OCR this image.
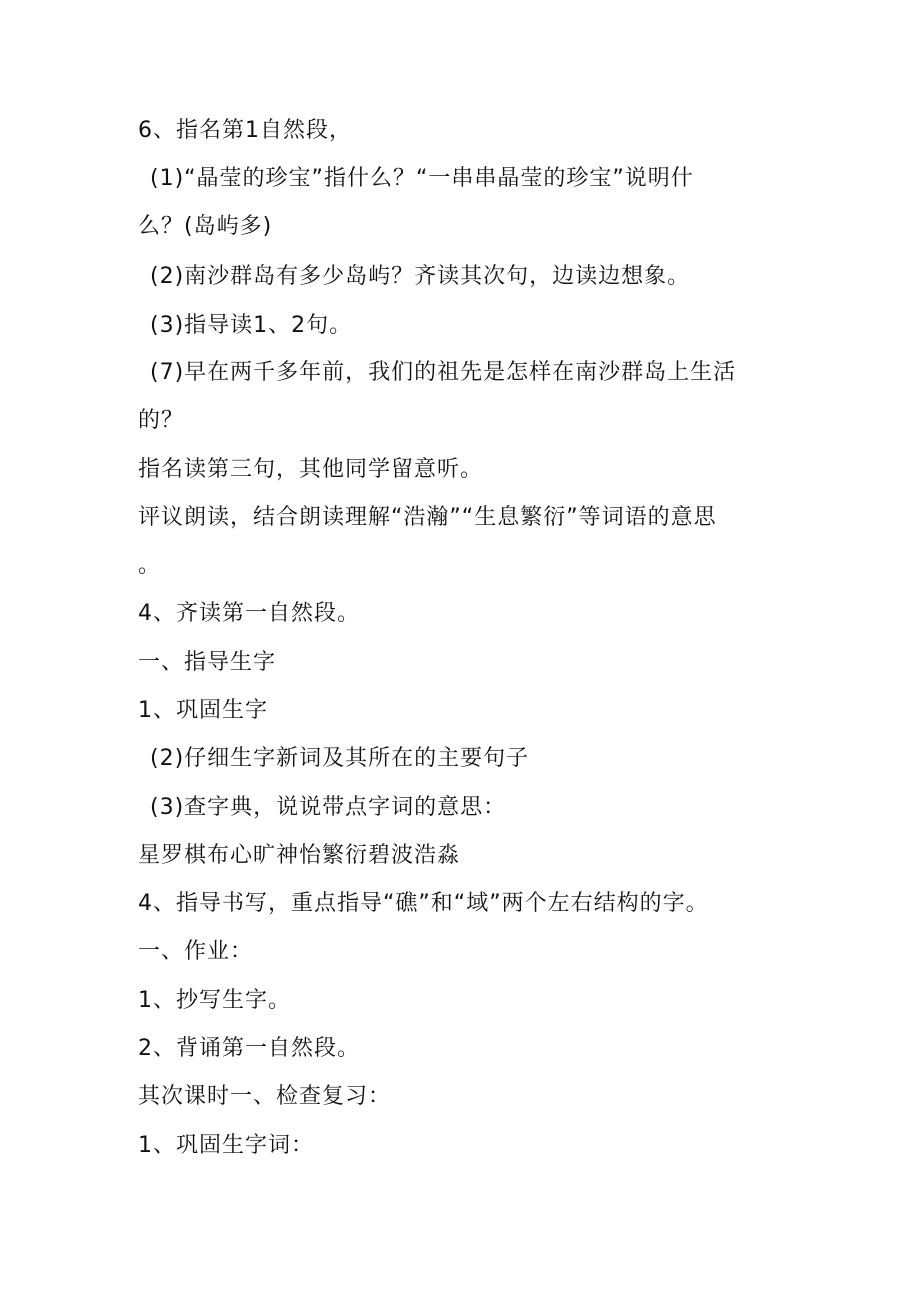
6、指名第1自然段，
(1)“晶莹的珍宝”指什么？“一串串晶莹的珍宝”说明什
么？(岛屿多)
(2)南沙群岛有多少岛屿？齐读其次句，边读边想象。
(3)指导读1、2句。
(7)早在两千多年前，我们的祖先是怎样在南沙群岛上生活
的？
指名读第三句，其他同学留意听。
评议朗读，结合朗读理解“浩瀚”“生息繁衍”等词语的意思
。
4、齐读第一自然段。
一、指导生字
1、巩固生字
(2)仔细生字新词及其所在的主要句子
(3)查字典，说说带点字词的意思：
星罗棋布心旷神怡繁衍碧波浩淼
4、指导书写，重点指导“礁”和“域”两个左右结构的字。
一、作业：
1、抄写生字。
2、背诵第一自然段。
其次课时一、检查复习：
1、巩固生字词：
